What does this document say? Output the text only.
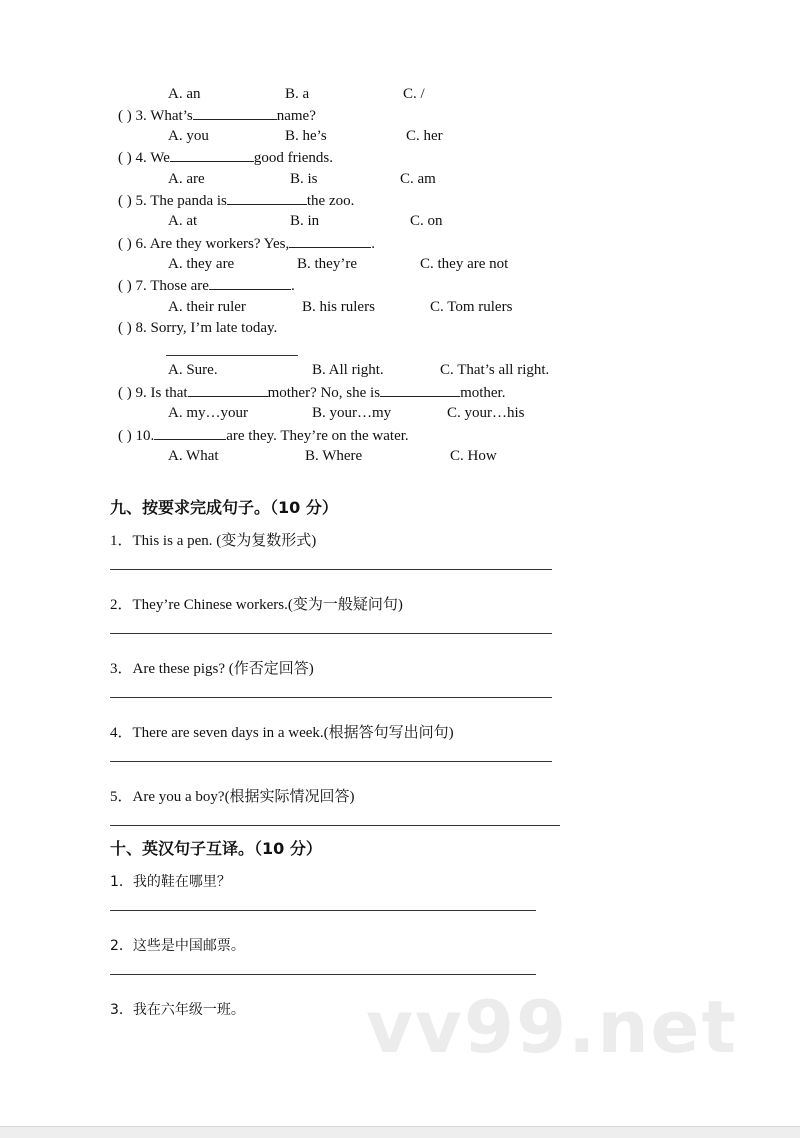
A. an	B. a	C. /
( ) 3. What’s	name?
A. you	B. he’s	C. her
( ) 4. We	good friends.
A. are	B. is	C. am
( ) 5. The panda is	the zoo.
A. at	B. in	C. on
( ) 6. Are they workers? Yes,	.
A. they are	B. they’re	C. they are not
( ) 7. Those are	.
A. their ruler	B. his rulers	C. Tom rulers
( ) 8. Sorry, I’m late today.
A. Sure.	B. All right.	C. That’s all right.
( ) 9. Is that	mother? No, she is	mother.
A. my…your	B. your…my	C. your…his
( ) 10.	are they. They’re on the water.
A. What	B. Where	C. How
九、按要求完成句子。（10 分）
1．This is a pen. (变为复数形式)
2．They’re Chinese workers.(变为一般疑问句)
3．Are these pigs? (作否定回答)
4．There are seven days in a week.(根据答句写出问句)
5．Are you a boy?(根据实际情况回答)
十、英汉句子互译。（10 分）
1．我的鞋在哪里？
2．这些是中国邮票。
3．我在六年级一班。 vv99.net
